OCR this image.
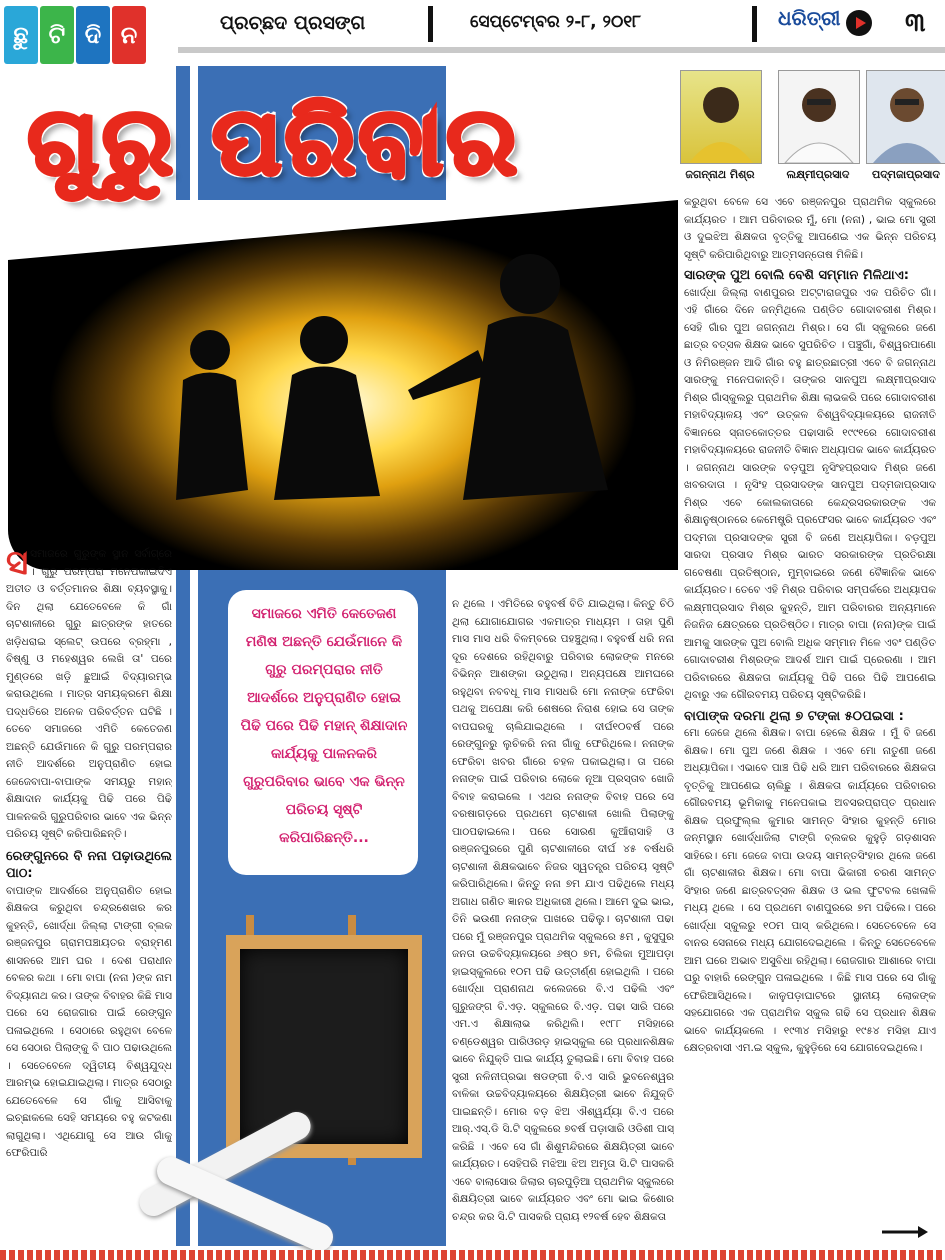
ଛୁ ଟି ଦି ନ	ପ୍ରଚ୍ଛଦ ପ୍ରସଙ୍ଗ	ସେପ୍ଟେମ୍ବର ୨-୮, ୨୦୧୮	ଧରିତ୍ରୀ ୩
ଗୁରୁ ପରିବାର	ଜଗନ୍ନାଥ ମିଶ୍ର	ଲକ୍ଷ୍ମୀପ୍ରସାଦ	ପଦ୍ମଜାପ୍ରସାଦ
ସସମାଜରେ ଗୁରୁଙ୍କ ସ୍ଥାନ ସର୍ବାଗ୍ରେ । ଗୁରୁ ପରମ୍ପରା ମନେପକାଇଦିଏ ଅତୀତ ଓ ବର୍ତ୍ତମାନର ଶିକ୍ଷା ବ୍ୟବସ୍ଥାକୁ। ଦିନ ଥିଲା ଯେତେବେଳେ କି ଗାଁ ଚାଟଶାଳୀରେ ଗୁରୁ ଛାତ୍ରଙ୍କ ହାତରେ ଖଡ଼ିଧରାଇ ସ୍ଲେଟ୍ ଉପରେ ବ୍ରହ୍ମା , ବିଷ୍ଣୁ ଓ ମହେଶ୍ୱର ଲେଖି ତା' ପରେ ମୁଣ୍ଡରେ ଖଡ଼ି ଛୁଆଇଁ ବିଦ୍ୟାରମ୍ଭ କରାଉଥିଲେ । ମାତ୍ର ସମୟକ୍ରମେ ଶିକ୍ଷା ପଦ୍ଧତିରେ ଅନେକ ପରିବର୍ତ୍ତନ ଘଟିଛି । ତେବେ ସମାଜରେ ଏମିତି କେତେଜଣ ଅଛନ୍ତି ଯେଉଁମାନେ କି ଗୁରୁ ପରମ୍ପରାର ନୀତି ଆଦର୍ଶରେ ଅନୁପ୍ରାଣିତ ହୋଇ ଜେଜେବାପା-ବାପାଙ୍କ ସମୟରୁ ମହାନ୍ ଶିକ୍ଷାଦାନ କାର୍ଯ୍ୟକୁ ପିଢି ପରେ ପିଢି ପାଳନକରି ଗୁରୁପରିବାର ଭାବେ ଏକ ଭିନ୍ନ ପରିଚୟ ସୃଷ୍ଟି କରିପାରିଛନ୍ତି।
ରେଙ୍ଗୁନରେ ବି ନନା ପଢ଼ାଉଥିଲେ ପାଠ:
ବାପାଙ୍କ ଆଦର୍ଶରେ ଅନୁପ୍ରାଣିତ ହୋଇ ଶିକ୍ଷକତା କରୁଥିବା ଚନ୍ଦ୍ରଶେଖର କର କୁହନ୍ତି, ଖୋର୍ଦ୍ଧା ଜିଲ୍ଲା ଟାଙ୍ଗୀ ବ୍ଲକ ରଞ୍ଜନପୁର ଗ୍ରାମପଞ୍ଚାୟତର ବ୍ରାହ୍ମଣ ଶାସନରେ ଆମ ଘର । ଦେଶ ପରାଧୀନ ବେଳର କଥା । ମୋ ବାପା (ନନା )ଙ୍କ ନାମ ବିଦ୍ୟାନାଥ କର। ତାଙ୍କ ବିବାହର କିଛି ମାସ ପରେ ସେ ରୋଜଗାର ପାଇଁ ରେଙ୍ଗୁନ ପଳାଇଥିଲେ । ସେଠାରେ ରହୁଥିବା ବେଳେ ସେ ସେଠାର ପିଲାଙ୍କୁ ବି ପାଠ ପଢାଉଥିଲେ । ସେତେବେଳେ ଦ୍ୱିତୀୟ ବିଶ୍ୱଯୁଦ୍ଧ ଆରମ୍ଭ ହୋଇଯାଇଥିଲା। ମାତ୍ର ସେଠାରୁ ଯେତେବେଳେ ସେ ଗାଁକୁ ଆସିବାକୁ ଇଚ୍ଛାକଲେ ସେହି ସମୟରେ ବହୁ କଟକଣା ଲାଗୁଥିଲା। ଏଥିଯୋଗୁ ସେ ଆଉ ଗାଁକୁ ଫେରିପାରି
ସମାଜରେ ଏମିତି କେତେଜଣ ମଣିଷ ଅଛନ୍ତି ଯେଉଁମାନେ କି ଗୁରୁ ପରମ୍ପରାର ନୀତି ଆଦର୍ଶରେ ଅନୁପ୍ରାଣିତ ହୋଇ ପିଢି ପରେ ପିଢି ମହାନ୍ ଶିକ୍ଷାଦାନ କାର୍ଯ୍ୟକୁ ପାଳନକରି ଗୁରୁପରିବାର ଭାବେ ଏକ ଭିନ୍ନ ପରିଚୟ ସୃଷ୍ଟି କରିପାରିଛନ୍ତି...
ନ ଥିଲେ । ଏମିତିରେ ବହୁବର୍ଷ ବିତି ଯାଇଥିଲା। କିନ୍ତୁ ଚିଠି ଥିଲା ଯୋଗାଯୋଗର ଏକମାତ୍ର ମାଧ୍ୟମ । ତାହା ପୁଣି ମାସ ମାସ ଧରି ବିଳମ୍ବରେ ପହଞ୍ଚୁଥିଲା। ବହୁବର୍ଷ ଧରି ନନା ଦୂର ଦେଶରେ ରହିଥିବାରୁ ପରିବାର ଲୋକଙ୍କ ମନରେ ବିଭିନ୍ନ ଆଶଙ୍କା ଉଠୁଥିଲା। ଅନ୍ୟପକ୍ଷେ ଆମଘରେ ରହୁଥିବା ନବବଧୂ ମାସ ମାସଧରି ମୋ ନନାଙ୍କ ଫେରିବା ପଥକୁ ଅପେକ୍ଷା କରି ଶେଷରେ ନିରାଶ ହୋଇ ସେ ତାଙ୍କ ବାପଘରକୁ ଚାଲିଯାଇଥିଲେ । ଦୀର୍ଘ୧୦ବର୍ଷ ପରେ ରେଙ୍ଗୁନରୁ ଲୁଚିକରି ନନା ଗାଁକୁ ଫେରିଥିଲେ। ନନାଙ୍କ ଫେରିବା ଖବର ଗାଁରେ ଚହଳ ପକାଇଥିଲା। ତା ପରେ ନନାଙ୍କ ପାଇଁ ପରିବାର ଲୋକେ ନୂଆ ପ୍ରସ୍ତାବ ଖୋଜି ବିବାହ କରାଇଲେ । ଏଥର ନନାଙ୍କ ବିବାହ ପରେ ସେ ବରଷାଗଡ଼ରେ ପ୍ରଥମେ ଚାଟଶାଳୀ ଖୋଲି ପିଲାଙ୍କୁ ପାଠପଢାଇଲେ। ପରେ ସୋରଣ କୁଆଁରାସାହି ଓ ରଞ୍ଜନପୁରରେ ପୁଣି ଚାଟଶାଳୀରେ ଦୀର୍ଘ ୪୫ ବର୍ଷଧରି ଚାଟଶାଳୀ ଶିକ୍ଷକଭାବେ ନିଜର ସ୍ୱତନ୍ତ୍ର ପରିଚୟ ସୃଷ୍ଟି କରିପାରିଥିଲେ। କିନ୍ତୁ ନନା ୭ମ ଯାଏ ପଢିଥିଲେ ମଧ୍ୟ ଅଗାଧ ଗଣିତ ଜ୍ଞାନର ଅଧିକାରୀ ଥିଲେ। ଆମେ ଦୁଇ ଭାଇ, ତିନି ଭଉଣୀ ନନାଙ୍କ ପାଖରେ ପଢିଲୁ। ଚାଟଶାଳୀ ପଢା ପରେ ମୁଁ ରଞ୍ଜନପୁର ପ୍ରାଥମିକ ସ୍କୁଲରେ ୫ମ , କୁସୁପୁର ଜନତା ଉଚ୍ଚବିଦ୍ୟାଳୟରେ ୬ଷ୍ଠ ୭ମ, ଚିଲିକା ମୁଆପଡ଼ା ହାଇସ୍କୁଲରେ ୧୦ମ ପଢି ଉତ୍ତୀର୍ଣ୍ଣ ହୋଇଥିଲି । ପରେ ଖୋର୍ଦ୍ଧା ପ୍ରାଣନାଥ କଲେଜରେ ବି.ଏ ପଢିଲି ଏବଂ ଗୁରୁଜଙ୍ଗ ବି.ଏଡ଼. ସ୍କୁଲରେ ବି.ଏଡ଼. ପଢା ସାରି ପରେ ଏମ.ଏ ଶିକ୍ଷାଲାଭ କରିଥିଲି। ୧୯୮୮ ମସିହାରେ ଚଣ୍ଡେଶ୍ୱର ପାରିଓରଡ଼ ହାଇସ୍କୁଲ ରେ ପ୍ରଧାନଶିକ୍ଷକ ଭାବେ ନିଯୁକ୍ତି ପାଇ କାର୍ଯ୍ୟ ତୁଲାଇଛି। ମୋ ବିବାହ ପରେ ସ୍ତ୍ରୀ ନଳିନୀପ୍ରଭା ଷଡଙ୍ଗୀ ବି.ଏ ସାରି ଭୁବନେଶ୍ୱର ବାଳିକା ଉଚ୍ଚବିଦ୍ୟାଳୟରେ ଶିକ୍ଷୟିତ୍ରୀ ଭାବେ ନିଯୁକ୍ତି ପାଇଛନ୍ତି। ମୋର ବଡ଼ ଝିଅ ଐଶ୍ୱର୍ଯ୍ୟା ବି.ଏ ପରେ ଆର୍.ଏସ୍.ଡି ସି.ଟି ସ୍କୁଲରେ ୭ବର୍ଷ ପଡ଼ାସାରି ଓଡିଶୀ ପାସ୍ କରିଛି । ଏବେ ସେ ଗାଁ ଶିଶୁମନ୍ଦିରରେ ଶିକ୍ଷୟିତ୍ରୀ ଭାବେ କାର୍ଯ୍ୟରତ। ସେହିପରି ମଝିଆ ଝିଅ ଅମୃତା ସି.ଟି ପାସକରି ଏବେ ବାଲାସୋର ଜିଲାର ଚାରପୁଡ଼ିଆ ପ୍ରାଥମିକ ସ୍କୁଲରେ ଶିକ୍ଷୟିତ୍ରୀ ଭାବେ କାର୍ଯ୍ୟରତ ଏବଂ ମୋ ଭାଇ କିଶୋର ଚନ୍ଦ୍ର କର ସି.ଟି ପାସକରି ପ୍ରାୟ ୧୨ବର୍ଷ ହେବ ଶିକ୍ଷକତା
କରୁଥିବା ବେଳେ ସେ ଏବେ ରଞ୍ଜନପୁର ପ୍ରାଥମିକ ସ୍କୁଲରେ କାର୍ଯ୍ୟରତ । ଆମ ପରିବାରର ମୁଁ, ମୋ (ନନା) , ଭାଇ ମୋ ସ୍ତ୍ରୀ ଓ ଦୁଇଝିଅ ଶିକ୍ଷକତା ବୃତ୍ତିକୁ ଆପଣେଇ ଏକ ଭିନ୍ନ ପରିଚୟ ସୃଷ୍ଟି କରିପାରିଥିବାରୁ ଆତ୍ମସନ୍ତୋଷ ମିଳିଛି।
ସାରଙ୍କ ପୁଅ ବୋଲି ବେଶି ସମ୍ମାନ ମିଳିଥାଏ:
ଖୋର୍ଦ୍ଧା ଜିଲ୍ଲା ବାଣପୁରର ଅଟ୍ଟାରାଜପୁର ଏକ ପରିଚିତ ଗାଁ। ଏହି ଗାଁରେ ଦିନେ ଜନ୍ମିଥିଲେ ପଣ୍ଡିତ ଗୋଦାବରୀଶ ମିଶ୍ର। ସେହି ଗାଁର ପୁଅ ଜଗନ୍ନାଥ ମିଶ୍ର। ସେ ଗାଁ ସ୍କୁଲରେ ଜଣେ ଛାତ୍ର ବତ୍ସଳ ଶିକ୍ଷକ ଭାବେ ସୁପରିଚିତ । ପଞ୍ଚୁଗାଁ, ବିଶ୍ୱରପାଣୋ ଓ ନିମିରଞ୍ଜନ ଆଦି ଗାଁର ବହୁ ଛାତ୍ରଛାତ୍ରୀ ଏବେ ବି ଜଗନ୍ନାଥ ସାରଙ୍କୁ ମନେପକାନ୍ତି। ତାଙ୍କର ସାନପୁଅ ଲକ୍ଷ୍ମୀପ୍ରସାଦ ମିଶ୍ର ଗାଁସ୍କୁଲରୁ ପ୍ରାଥମିକ ଶିକ୍ଷା ଲାଭକରି ପରେ ଗୋଦାବରୀଶ ମହାବିଦ୍ୟାଳୟ ଏବଂ ଉତ୍କଳ ବିଶ୍ୱବିଦ୍ୟାଳୟରେ ରାଜନୀତି ବିଜ୍ଞାନରେ ସ୍ନାତକୋତ୍ତର ପଢାସାରି ୧୯୯୧ରେ ଗୋଦାବରୀଶ ମହାବିଦ୍ୟାଳୟରେ ରାଜନୀତି ବିଜ୍ଞାନ ଅଧ୍ୟାପକ ଭାବେ କାର୍ଯ୍ୟରତ । ଜଗନ୍ନାଥ ସାରଙ୍କ ବଡ଼ପୁଅ ନୃସିଂହପ୍ରସାଦ ମିଶ୍ର ଜଣେ ଖବରଦାତା । ନୃସିଂହ ପ୍ରସାଦଙ୍କ ସାନପୁଅ ପଦ୍ମଜାପ୍ରସାଦ ମିଶ୍ର ଏବେ କୋଲକାତାରେ କେନ୍ଦ୍ରସରକାରଙ୍କ ଏକ ଶିକ୍ଷାନୁଷ୍ଠାନରେ କେମେଷ୍ଟ୍ରି ପ୍ରଫେସର ଭାବେ କାର୍ଯ୍ୟରତ ଏବଂ ପଦ୍ମଜା ପ୍ରସାଦଙ୍କ ସ୍ତ୍ରୀ ବି ଜଣେ ଅଧ୍ୟାପିକା। ବଡ଼ପୁଅ ସାରଦା ପ୍ରସାଦ ମିଶ୍ର ଭାରତ ସରକାରଙ୍କ ପ୍ରତିରକ୍ଷା ଗବେଷଣା ପ୍ରତିଷ୍ଠାନ, ମୁମ୍ବାଇରେ ଜଣେ ବୈଜ୍ଞାନିକ ଭାବେ କାର୍ଯ୍ୟରତ। ତେବେ ଏହି ମିଶ୍ର ପରିବାର ସମ୍ପର୍କରେ ଅଧ୍ୟାପକ ଲକ୍ଷ୍ମୀପ୍ରସାଦ ମିଶ୍ର କୁହନ୍ତି, ଆମ ପରିବାରର ଅନ୍ୟମାନେ ନିଜନିଜ କ୍ଷେତ୍ରରେ ପ୍ରତିଷ୍ଠିତ। ମାତ୍ର ବାପା (ନନା)ଙ୍କ ପାଇଁ ଆମକୁ ସାରଙ୍କ ପୁଅ ବୋଲି ଅଧିକ ସମ୍ମାନ ମିଳେ ଏବଂ ପଣ୍ଡିତ ଗୋଦାବରୀଶ ମିଶ୍ରଙ୍କ ଆଦର୍ଶ ଆମ ପାଇଁ ପ୍ରେରଣା । ଆମ ପରିବାରରେ ଶିକ୍ଷକତା କାର୍ଯ୍ୟକୁ ପିଢି ପରେ ପିଢି ଆପଣେଇ ଥିବାରୁ ଏକ ଗୌରବମୟ ପରିଚୟ ସୃଷ୍ଟିକରିଛି।
ବାପାଙ୍କ ଦରମା ଥିଲା ୭ ଟଙ୍କା ୫୦ପଇସା :
ମୋ ଜେଜେ ଥିଲେ ଶିକ୍ଷକ। ବାପା ହେଲେ ଶିକ୍ଷକ । ମୁଁ ବି ଜଣେ ଶିକ୍ଷକ। ମୋ ପୁଅ ଜଣେ ଶିକ୍ଷକ । ଏବେ ମୋ ନାତୁଣୀ ଜଣେ ଅଧ୍ୟାପିକା। ଏଭାବେ ପାଞ୍ଚ ପିଢି ଧରି ଆମ ପରିବାରରେ ଶିକ୍ଷକତା ବୃତ୍ତିକୁ ଆପଣେଇ ଚାଲିଛୁ । ଶିକ୍ଷକତା କାର୍ଯ୍ୟରେ ପରିବାରର ଗୌରବମୟ ଭୂମିକାକୁ ମନେପକାଇ ଅବସରପ୍ରାପ୍ତ ପ୍ରଧାନ ଶିକ୍ଷକ ପ୍ରଫୁଲ୍ଲ କୁମାର ସାମନ୍ତ ସିଂହାର କୁହନ୍ତି ମୋର ଜନ୍ମସ୍ଥାନ ଖୋର୍ଦ୍ଧାଜିଲା ଟାଙ୍ଗି ବ୍ଲକର କୁହୁଡ଼ି ଗଡ଼ଶାସନ ସାହିରେ। ମୋ ଜେଜେ ବାପା ଉଦୟ ସାମନ୍ତସିଂହାର ଥିଲେ ଜଣେ ଗାଁ ଚାଟଶାଳୀର ଶିକ୍ଷକ। ମୋ ବାପା ଭିକାରୀ ଚରଣ ସାମନ୍ତ ସିଂହାର ଜଣେ ଛାତ୍ରବତ୍ସଳ ଶିକ୍ଷକ ଓ ଭଲ ଫୁଟବଲ ଖେଳାଳି ମଧ୍ୟ ଥିଲେ । ସେ ପ୍ରଥମେ ବାଣପୁରରେ ୭ମ ପଢିଲେ। ପରେ ଖୋର୍ଦ୍ଧା ସ୍କୁଲରୁ ୧୦ମ ପାସ୍ କରିଥିଲେ। ସେତେବେଳେ ସେ ବାନର ସେନାରେ ମଧ୍ୟ ଯୋଗଦେଇଥିଲେ । କିନ୍ତୁ ସେତେବେଳେ ଆମ ଘରେ ଅଭାବ ଅସୁବିଧା ରହିଥିଲା। ରୋଜଗାର ଆଶାରେ ବାପା ଘରୁ ବାହାରି ରେଙ୍ଗୁନ ପଳାଇଥିଲେ । କିଛି ମାସ ପରେ ସେ ଗାଁକୁ ଫେରିଆସିଥିଲେ। କାଳୁପଡ଼ାଘାଟରେ ସ୍ଥାନୀୟ ଲୋକଙ୍କ ସହଯୋଗରେ ଏକ ପ୍ରାଥମିକ ସ୍କୁଲ ଗଢି ସେ ପ୍ରଧାନ ଶିକ୍ଷକ ଭାବେ କାର୍ଯ୍ୟକଲେ । ୧୯୩୪ ମସିହାରୁ ୧୯୫୪ ମସିହା ଯାଏ କ୍ଷେତ୍ରବାସୀ ଏମ.ଇ ସ୍କୁଲ, କୁହୁଡ଼ିରେ ସେ ଯୋଗଦେଇଥିଲେ।
